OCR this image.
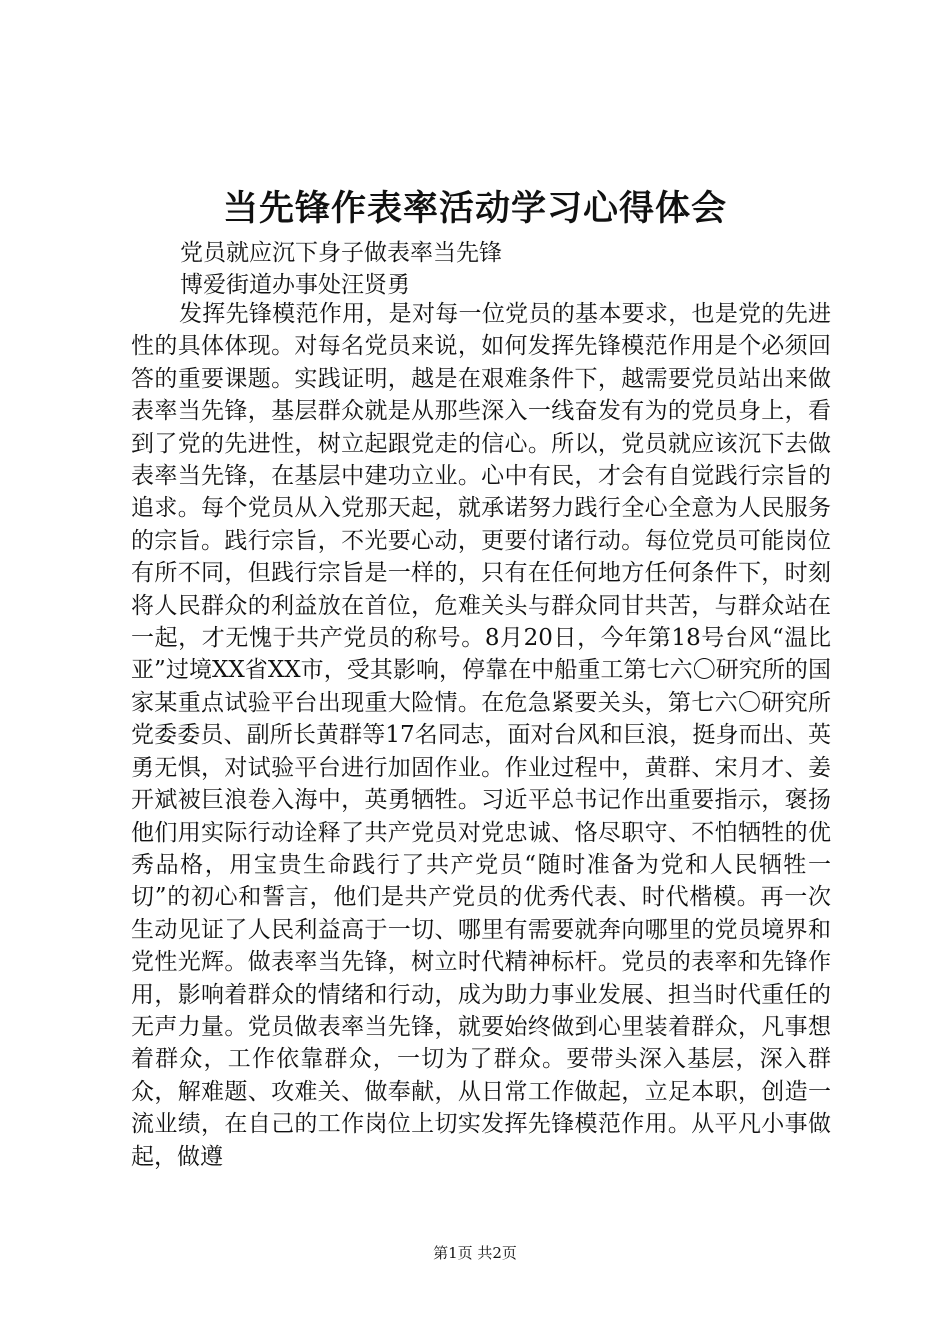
当先锋作表率活动学习心得体会
党员就应沉下身子做表率当先锋
博爱街道办事处汪贤勇

发挥先锋模范作用，是对每一位党员的基本要求，也是党的先进性的具体体现。对每名党员来说，如何发挥先锋模范作用是个必须回答的重要课题。实践证明，越是在艰难条件下，越需要党员站出来做表率当先锋，基层群众就是从那些深入一线奋发有为的党员身上，看到了党的先进性，树立起跟党走的信心。所以，党员就应该沉下去做表率当先锋，在基层中建功立业。心中有民，才会有自觉践行宗旨的追求。每个党员从入党那天起，就承诺努力践行全心全意为人民服务的宗旨。践行宗旨，不光要心动，更要付诸行动。每位党员可能岗位有所不同，但践行宗旨是一样的，只有在任何地方任何条件下，时刻将人民群众的利益放在首位，危难关头与群众同甘共苦，与群众站在一起，才无愧于共产党员的称号。8月20日，今年第18号台风“温比亚”过境XX省XX市，受其影响，停靠在中船重工第七六〇研究所的国家某重点试验平台出现重大险情。在危急紧要关头，第七六〇研究所党委委员、副所长黄群等17名同志，面对台风和巨浪，挺身而出、英勇无惧，对试验平台进行加固作业。作业过程中，黄群、宋月才、姜开斌被巨浪卷入海中，英勇牺牲。习近平总书记作出重要指示，褒扬他们用实际行动诠释了共产党员对党忠诚、恪尽职守、不怕牺牲的优秀品格，用宝贵生命践行了共产党员“随时准备为党和人民牺牲一切”的初心和誓言，他们是共产党员的优秀代表、时代楷模。再一次生动见证了人民利益高于一切、哪里有需要就奔向哪里的党员境界和党性光辉。做表率当先锋，树立时代精神标杆。党员的表率和先锋作用，影响着群众的情绪和行动，成为助力事业发展、担当时代重任的无声力量。党员做表率当先锋，就要始终做到心里装着群众，凡事想着群众，工作依靠群众，一切为了群众。要带头深入基层，深入群众，解难题、攻难关、做奉献，从日常工作做起，立足本职，创造一流业绩，在自己的工作岗位上切实发挥先锋模范作用。从平凡小事做起，做遵

第1页 共2页
